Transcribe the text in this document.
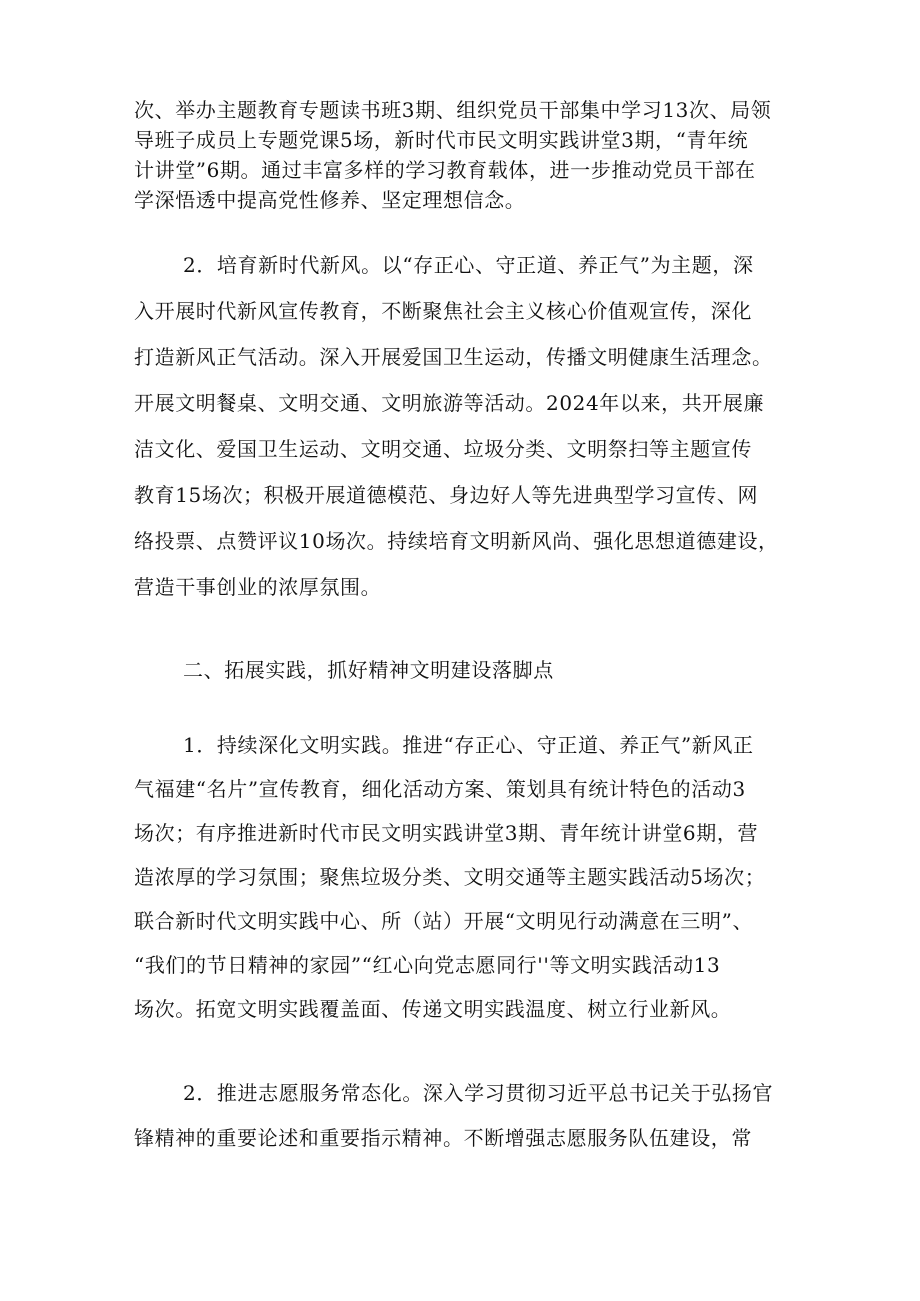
次、举办主题教育专题读书班3期、组织党员干部集中学习13次、局领
导班子成员上专题党课5场，新时代市民文明实践讲堂3期，“青年统
计讲堂”6期。通过丰富多样的学习教育载体，进一步推动党员干部在
学深悟透中提高党性修养、坚定理想信念。
2．培育新时代新风。以“存正心、守正道、养正气”为主题，深
入开展时代新风宣传教育，不断聚焦社会主义核心价值观宣传，深化
打造新风正气活动。深入开展爱国卫生运动，传播文明健康生活理念。
开展文明餐桌、文明交通、文明旅游等活动。2024年以来，共开展廉
洁文化、爱国卫生运动、文明交通、垃圾分类、文明祭扫等主题宣传
教育15场次；积极开展道德模范、身边好人等先进典型学习宣传、网
络投票、点赞评议10场次。持续培育文明新风尚、强化思想道德建设，
营造干事创业的浓厚氛围。
二、拓展实践，抓好精神文明建设落脚点
1．持续深化文明实践。推进“存正心、守正道、养正气”新风正
气福建“名片”宣传教育，细化活动方案、策划具有统计特色的活动3
场次；有序推进新时代市民文明实践讲堂3期、青年统计讲堂6期，营
造浓厚的学习氛围；聚焦垃圾分类、文明交通等主题实践活动5场次；
联合新时代文明实践中心、所（站）开展“文明见行动满意在三明”、
“我们的节日精神的家园”“红心向党志愿同行''等文明实践活动13
场次。拓宽文明实践覆盖面、传递文明实践温度、树立行业新风。
2．推进志愿服务常态化。深入学习贯彻习近平总书记关于弘扬官
锋精神的重要论述和重要指示精神。不断增强志愿服务队伍建设，常
